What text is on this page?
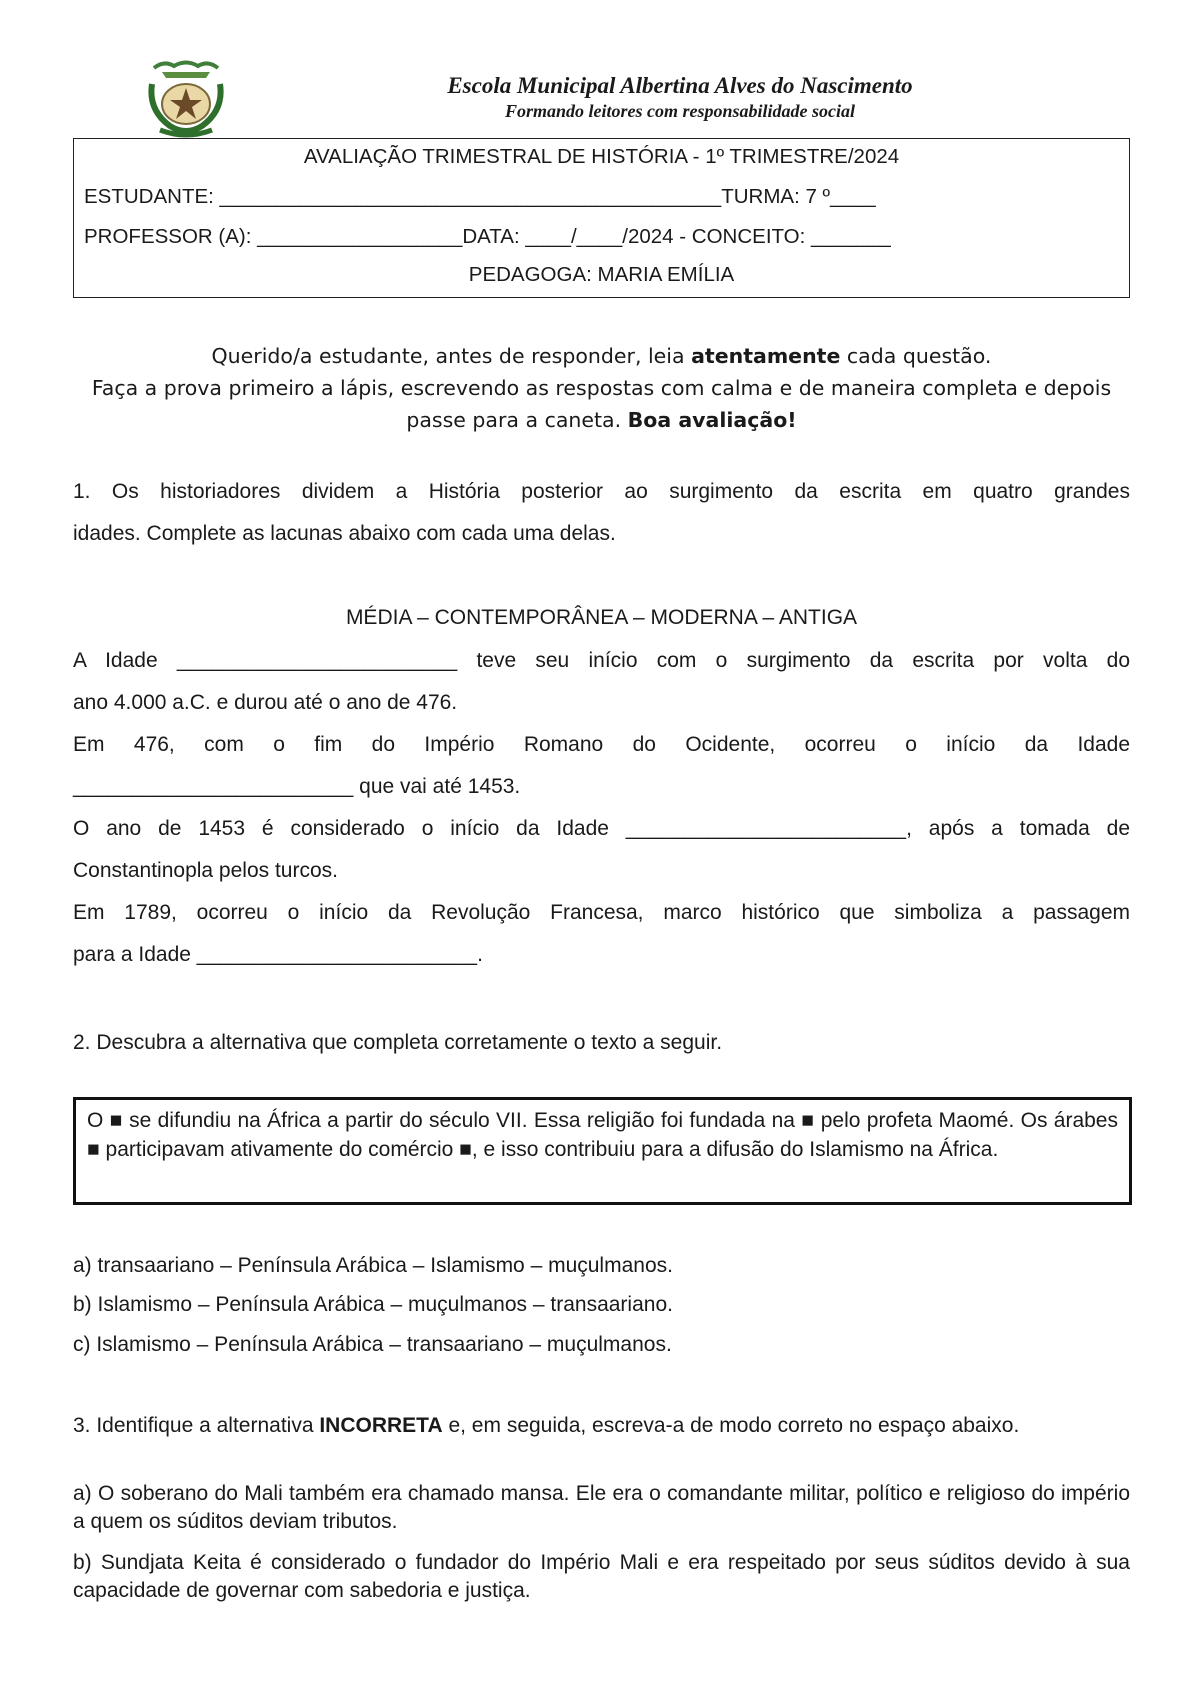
Escola Municipal Albertina Alves do Nascimento
Formando leitores com responsabilidade social
AVALIAÇÃO TRIMESTRAL DE HISTÓRIA - 1º TRIMESTRE/2024
ESTUDANTE: ____________________________________________TURMA: 7 º____
PROFESSOR (A): __________________DATA: ____/____/2024 - CONCEITO: _______
PEDAGOGA: MARIA EMÍLIA
Querido/a estudante, antes de responder, leia atentamente cada questão.
Faça a prova primeiro a lápis, escrevendo as respostas com calma e de maneira completa e depois
passe para a caneta. Boa avaliação!
1. Os historiadores dividem a História posterior ao surgimento da escrita em quatro grandes
idades. Complete as lacunas abaixo com cada uma delas.
MÉDIA – CONTEMPORÂNEA – MODERNA – ANTIGA
A Idade ________________________ teve seu início com o surgimento da escrita por volta do
ano 4.000 a.C. e durou até o ano de 476.
Em 476, com o fim do Império Romano do Ocidente, ocorreu o início da Idade
________________________ que vai até 1453.
O ano de 1453 é considerado o início da Idade ________________________, após a tomada de
Constantinopla pelos turcos.
Em 1789, ocorreu o início da Revolução Francesa, marco histórico que simboliza a passagem
para a Idade ________________________.
2. Descubra a alternativa que completa corretamente o texto a seguir.
O ■ se difundiu na África a partir do século VII. Essa religião foi fundada na ■ pelo profeta Maomé. Os árabes ■ participavam ativamente do comércio ■, e isso contribuiu para a difusão do Islamismo na África.
a) transaariano – Península Arábica – Islamismo – muçulmanos.
b) Islamismo – Península Arábica – muçulmanos – transaariano.
c) Islamismo – Península Arábica – transaariano – muçulmanos.
3. Identifique a alternativa INCORRETA e, em seguida, escreva-a de modo correto no espaço abaixo.
a) O soberano do Mali também era chamado mansa. Ele era o comandante militar, político e religioso do império a quem os súditos deviam tributos.
b) Sundjata Keita é considerado o fundador do Império Mali e era respeitado por seus súditos devido à sua capacidade de governar com sabedoria e justiça.
